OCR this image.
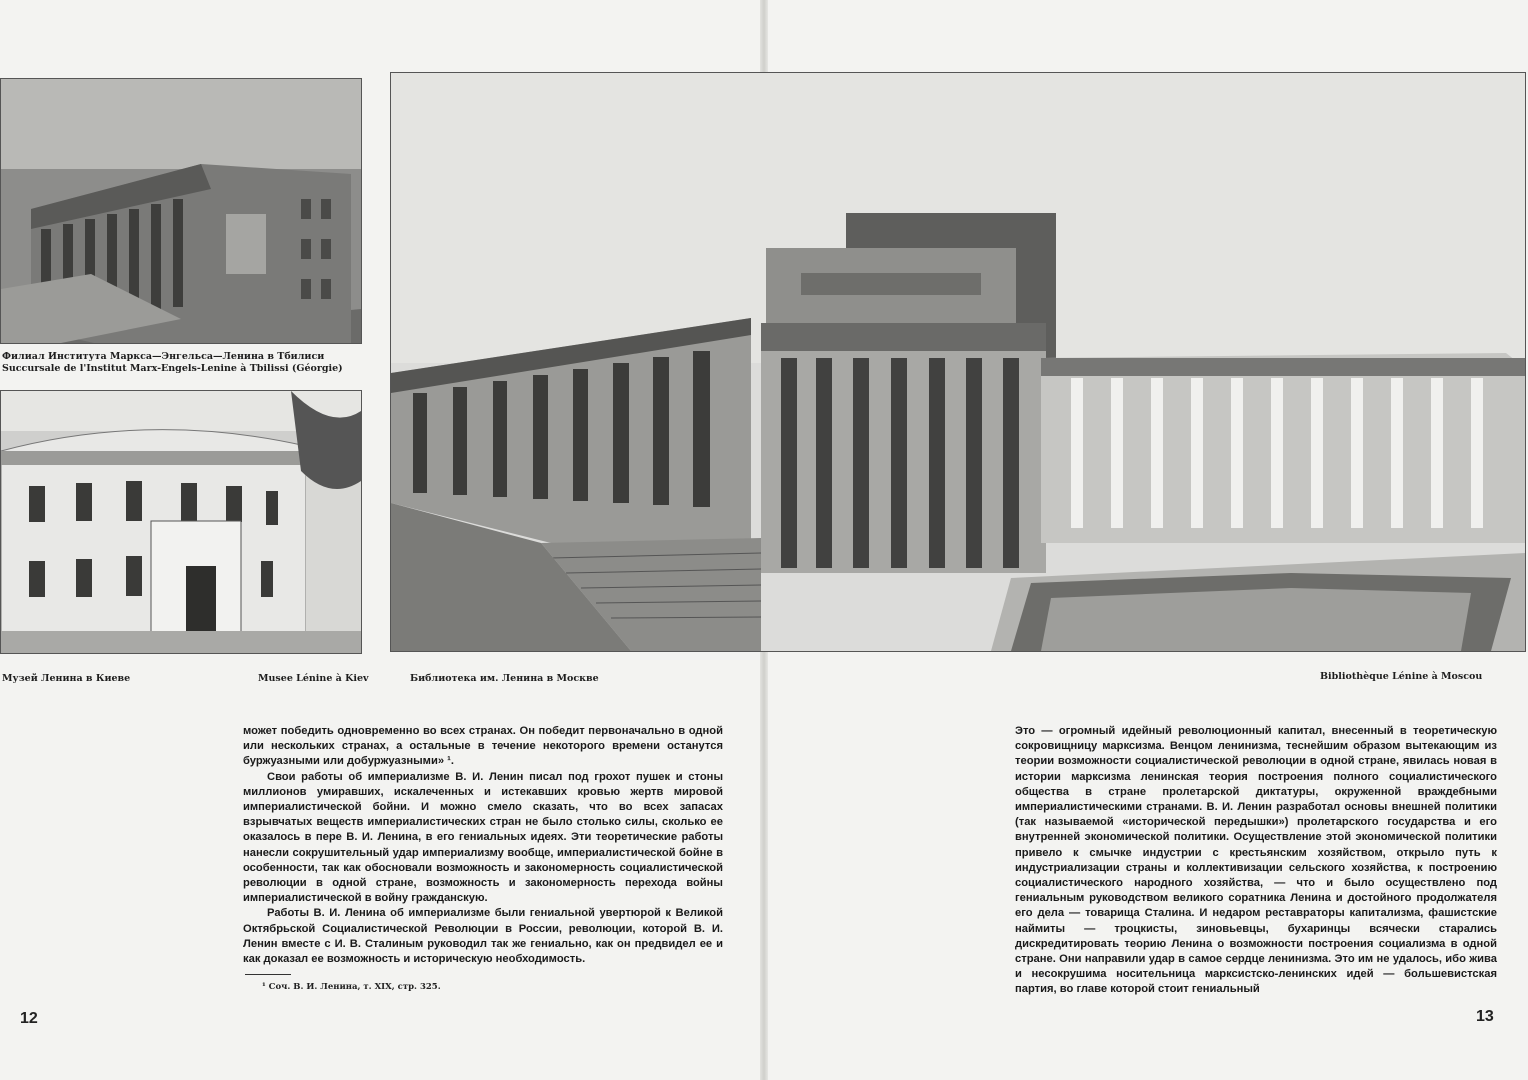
Филиал Института Маркса—Энгельса—Ленина в Тбилиси
Succursale de l'Institut Marx-Engels-Lenine à Tbilissi (Géorgie)
Музей Ленина в Киеве	Musee Lénine à Kiev	Библиотека им. Ленина в Москве	Bibliothèque Lénine à Moscou

может победить одновременно во всех странах. Он победит первоначально в одной или нескольких странах, а остальные в течение некоторого времени останутся буржуазными или добуржуазными» ¹.

Свои работы об империализме В. И. Ленин писал под грохот пушек и стоны миллионов умиравших, искалеченных и истекавших кровью жертв мировой империалистической бойни. И можно смело сказать, что во всех запасах взрывчатых веществ империалистических стран не было столько силы, сколько ее оказалось в пере В. И. Ленина, в его гениальных идеях. Эти теоретические работы нанесли сокрушительный удар империализму вообще, империалистической бойне в особенности, так как обосновали возможность и закономерность социалистической революции в одной стране, возможность и закономерность перехода войны империалистической в войну гражданскую.

Работы В. И. Ленина об империализме были гениальной увертюрой к Великой Октябрьской Социалистической Революции в России, революции, которой В. И. Ленин вместе с И. В. Сталиным руководил так же гениально, как он предвидел ее и как доказал ее возможность и историческую необходимость.

¹ Соч. В. И. Ленина, т. XIX, стр. 325.
12

Это — огромный идейный революционный капитал, внесенный в теоретическую сокровищницу марксизма. Венцом ленинизма, теснейшим образом вытекающим из теории возможности социалистической революции в одной стране, явилась новая в истории марксизма ленинская теория построения полного социалистического общества в стране пролетарской диктатуры, окруженной враждебными империалистическими странами. В. И. Ленин разработал основы внешней политики (так называемой «исторической передышки») пролетарского государства и его внутренней экономической политики. Осуществление этой экономической политики привело к смычке индустрии с крестьянским хозяйством, открыло путь к индустриализации страны и коллективизации сельского хозяйства, к построению социалистического народного хозяйства, — что и было осуществлено под гениальным руководством великого соратника Ленина и достойного продолжателя его дела — товарища Сталина. И недаром реставраторы капитализма, фашистские наймиты — троцкисты, зиновьевцы, бухаринцы всячески старались дискредитировать теорию Ленина о возможности построения социализма в одной стране. Они направили удар в самое сердце ленинизма. Это им не удалось, ибо жива и несокрушима носительница марксистско-ленинских идей — большевистская партия, во главе которой стоит гениальный

13
